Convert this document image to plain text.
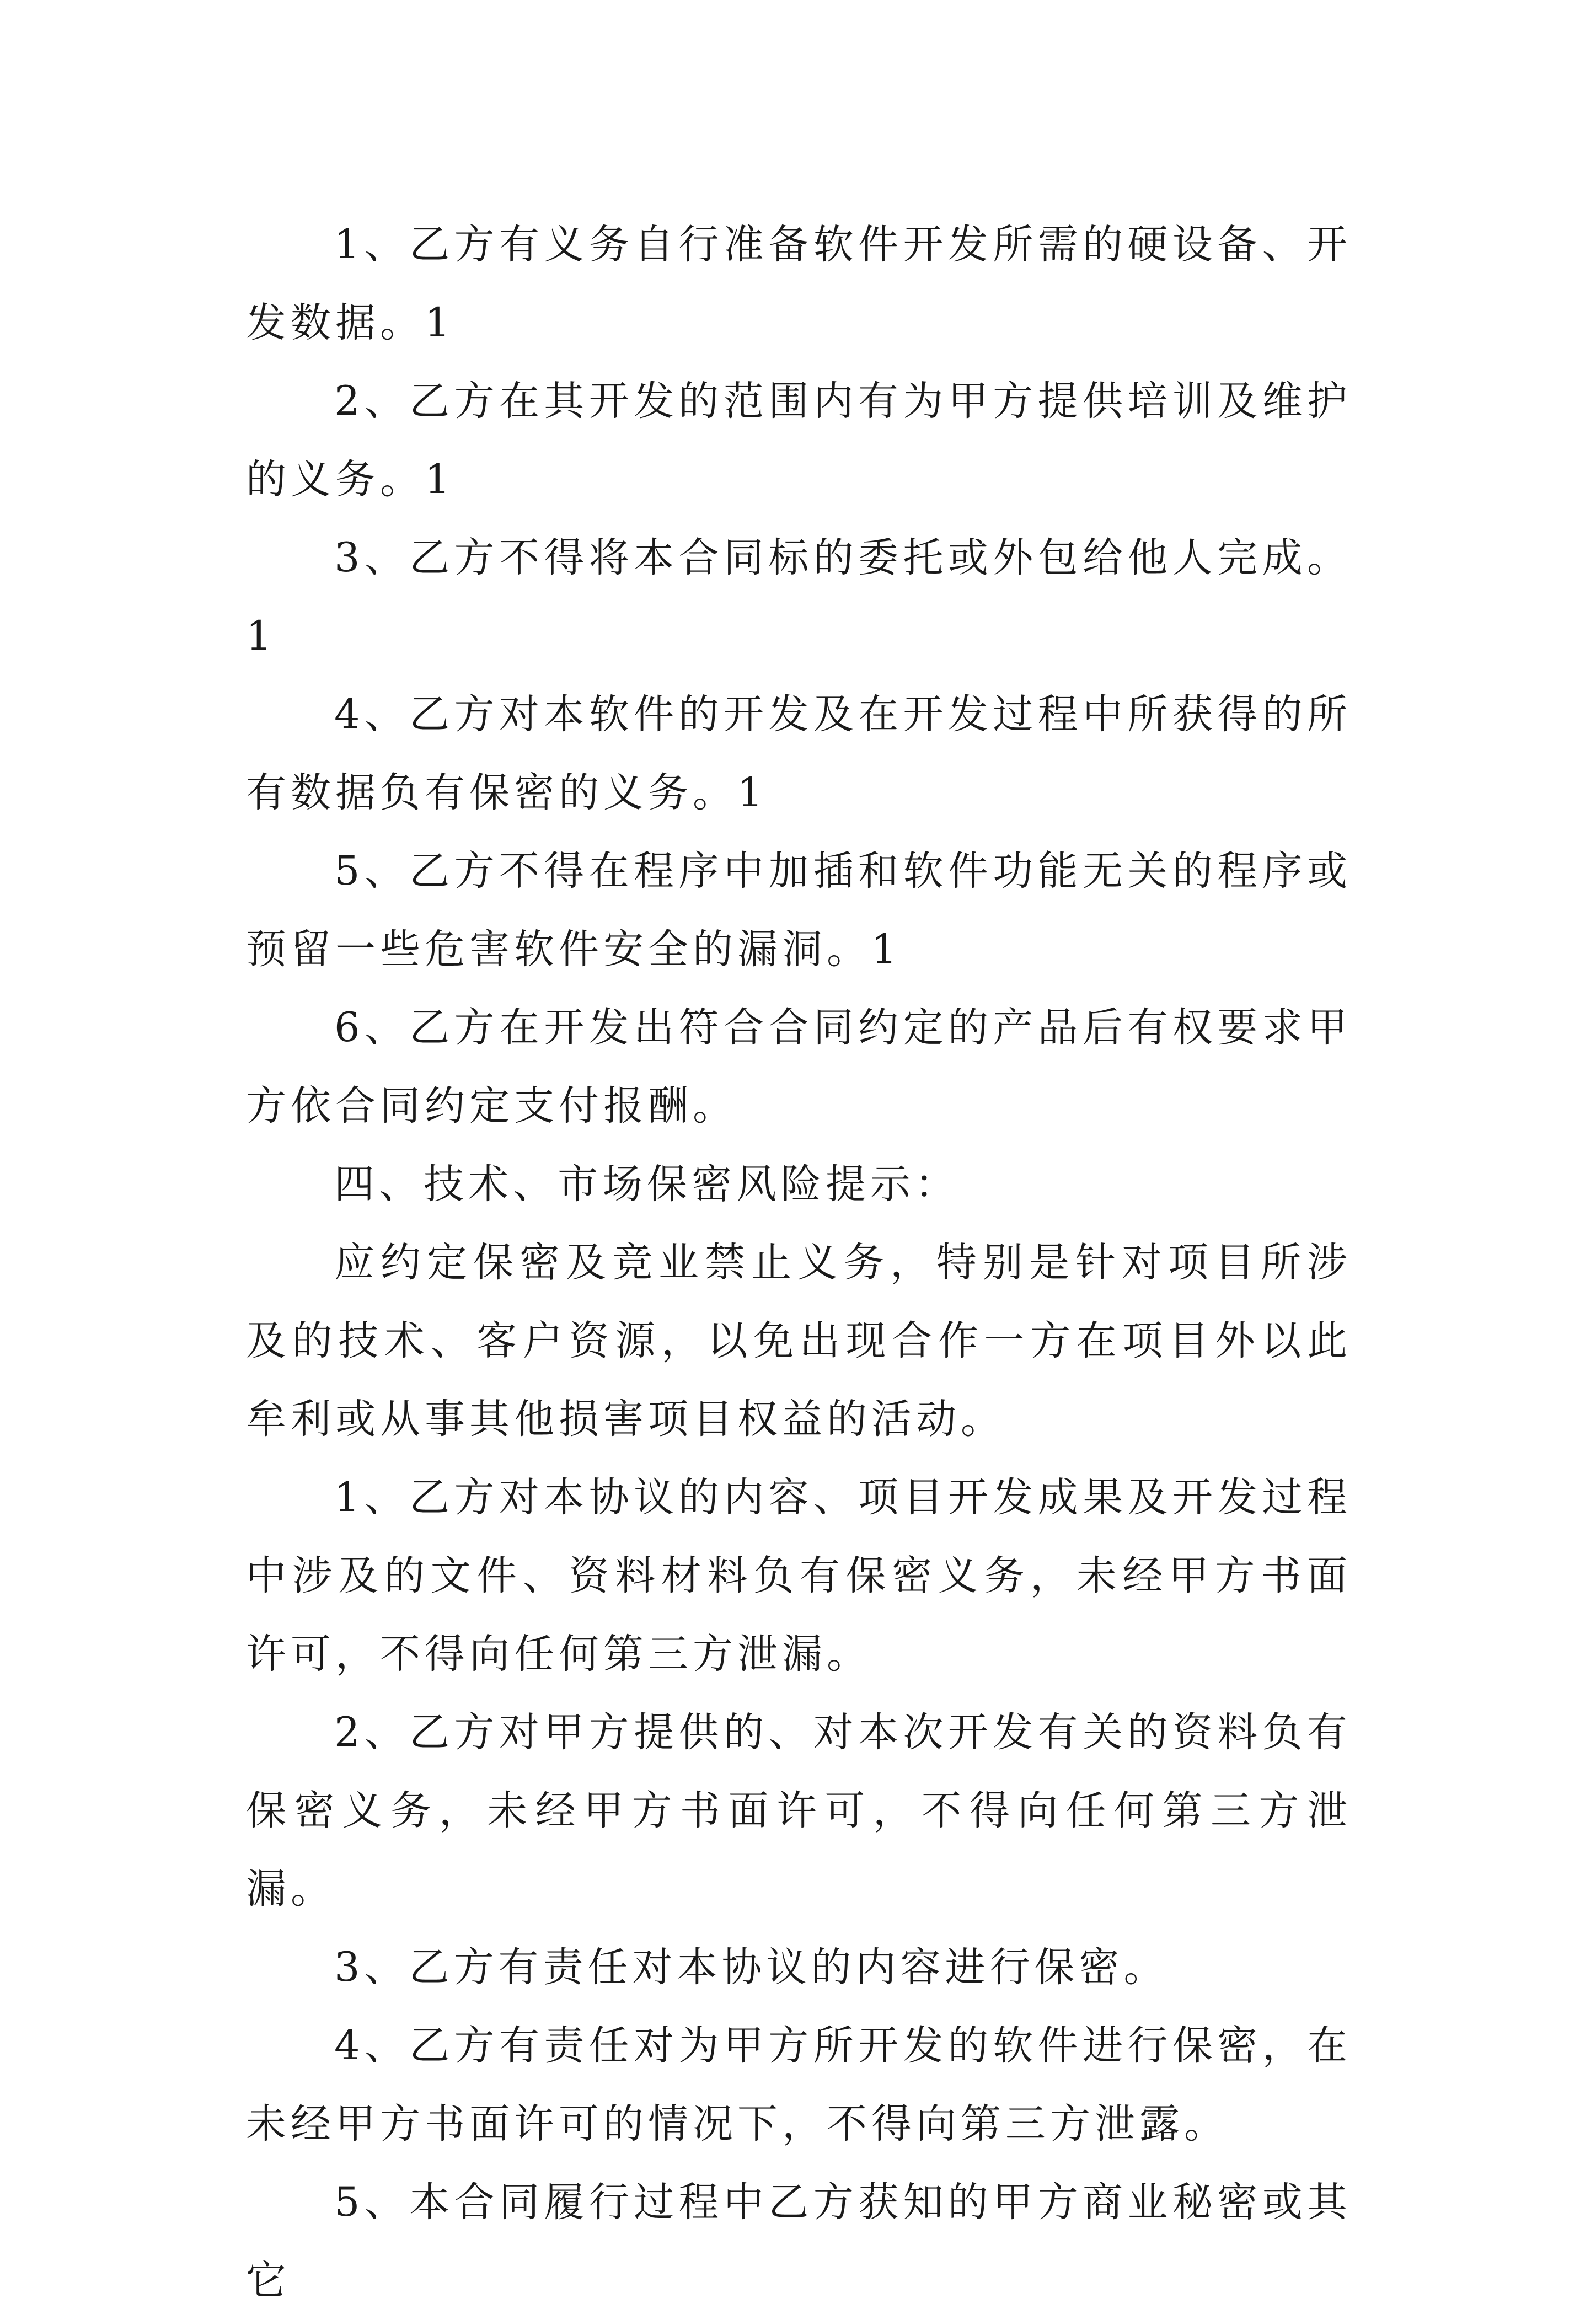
1、乙方有义务自行准备软件开发所需的硬设备、开发数据。1

2、乙方在其开发的范围内有为甲方提供培训及维护的义务。1

3、乙方不得将本合同标的委托或外包给他人完成。1

4、乙方对本软件的开发及在开发过程中所获得的所有数据负有保密的义务。1

5、乙方不得在程序中加插和软件功能无关的程序或预留一些危害软件安全的漏洞。1

6、乙方在开发出符合合同约定的产品后有权要求甲方依合同约定支付报酬。

四、技术、市场保密风险提示：

应约定保密及竞业禁止义务，特别是针对项目所涉及的技术、客户资源，以免出现合作一方在项目外以此牟利或从事其他损害项目权益的活动。

1、乙方对本协议的内容、项目开发成果及开发过程中涉及的文件、资料材料负有保密义务，未经甲方书面许可，不得向任何第三方泄漏。

2、乙方对甲方提供的、对本次开发有关的资料负有保密义务，未经甲方书面许可，不得向任何第三方泄漏。

3、乙方有责任对本协议的内容进行保密。

4、乙方有责任对为甲方所开发的软件进行保密，在未经甲方书面许可的情况下，不得向第三方泄露。

5、本合同履行过程中乙方获知的甲方商业秘密或其它
